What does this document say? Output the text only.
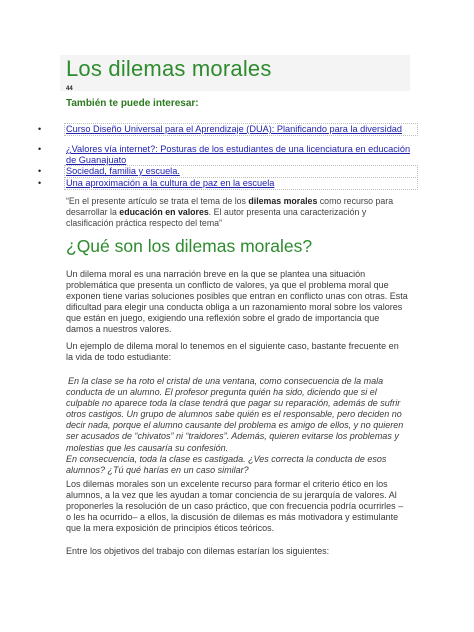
Los dilemas morales
44
También te puede interesar:
•	Curso Diseño Universal para el Aprendizaje (DUA): Planificando para la diversidad
•	¿Valores vía internet?: Posturas de los estudiantes de una licenciatura en educación de Guanajuato
•	Sociedad, familia y escuela.
•	Una aproximación a la cultura de paz en la escuela

“En el presente artículo se trata el tema de los dilemas morales como recurso para desarrollar la educación en valores. El autor presenta una caracterización y clasificación práctica respecto del tema”

¿Qué son los dilemas morales?

Un dilema moral es una narración breve en la que se plantea una situación problemática que presenta un conflicto de valores, ya que el problema moral que exponen tiene varias soluciones posibles que entran en conflicto unas con otras. Esta dificultad para elegir una conducta obliga a un razonamiento moral sobre los valores que están en juego, exigiendo una reflexión sobre el grado de importancia que damos a nuestros valores.

Un ejemplo de dilema moral lo tenemos en el siguiente caso, bastante frecuente en la vida de todo estudiante:

En la clase se ha roto el cristal de una ventana, como consecuencia de la mala conducta de un alumno. El profesor pregunta quién ha sido, diciendo que si el culpable no aparece toda la clase tendrá que pagar su reparación, además de sufrir otros castigos. Un grupo de alumnos sabe quién es el responsable, pero deciden no decir nada, porque el alumno causante del problema es amigo de ellos, y no quieren ser acusados de “chivatos” ni “traidores”. Además, quieren evitarse los problemas y molestias que les causaría su confesión.

En consecuencia, toda la clase es castigada. ¿Ves correcta la conducta de esos alumnos? ¿Tú qué harías en un caso similar?

Los dilemas morales son un excelente recurso para formar el criterio ético en los alumnos, a la vez que les ayudan a tomar conciencia de su jerarquía de valores. Al proponerles la resolución de un caso práctico, que con frecuencia podría ocurrirles –o les ha ocurrido– a ellos, la discusión de dilemas es más motivadora y estimulante que la mera exposición de principios éticos teóricos.

Entre los objetivos del trabajo con dilemas estarían los siguientes:
